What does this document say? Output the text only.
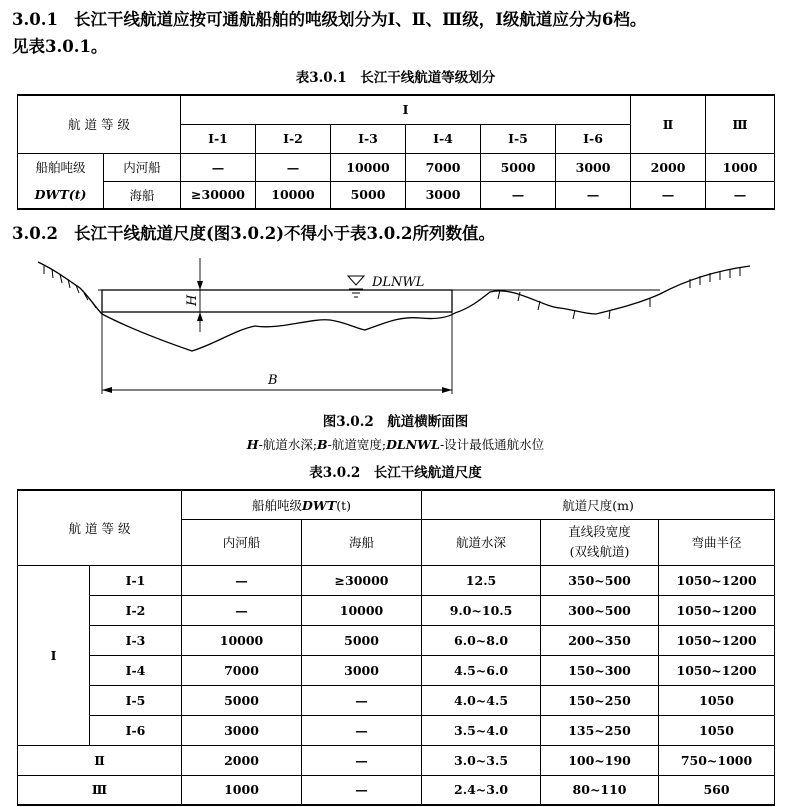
3.0.1 长江干线航道应按可通航船舶的吨级划分为Ⅰ、Ⅱ、Ⅲ级，Ⅰ级航道应分为6档。
见表3.0.1。
表3.0.1　长江干线航道等级划分
航 道 等 级		Ⅰ						Ⅱ	Ⅲ
		Ⅰ-1	Ⅰ-2	Ⅰ-3	Ⅰ-4	Ⅰ-5	Ⅰ-6		
船舶吨级	内河船	—	—	10000	7000	5000	3000	2000	1000
DWT(t)	海船	≥30000	10000	5000	3000	—	—	—	—
3.0.2 长江干线航道尺度(图3.0.2)不得小于表3.0.2所列数值。
DLNWL
H
B
图3.0.2　航道横断面图
H-航道水深;B-航道宽度;DLNWL-设计最低通航水位
表3.0.2　长江干线航道尺度
航 道 等 级		船舶吨级DWT(t)		航道尺度(m)		
		内河船	海船	航道水深	直线段宽度
(双线航道)	弯曲半径
Ⅰ	Ⅰ-1	—	≥30000	12.5	350~500	1050~1200
	Ⅰ-2	—	10000	9.0~10.5	300~500	1050~1200
	Ⅰ-3	10000	5000	6.0~8.0	200~350	1050~1200
	Ⅰ-4	7000	3000	4.5~6.0	150~300	1050~1200
	Ⅰ-5	5000	—	4.0~4.5	150~250	1050
	Ⅰ-6	3000	—	3.5~4.0	135~250	1050
Ⅱ		2000	—	3.0~3.5	100~190	750~1000
Ⅲ		1000	—	2.4~3.0	80~110	560
